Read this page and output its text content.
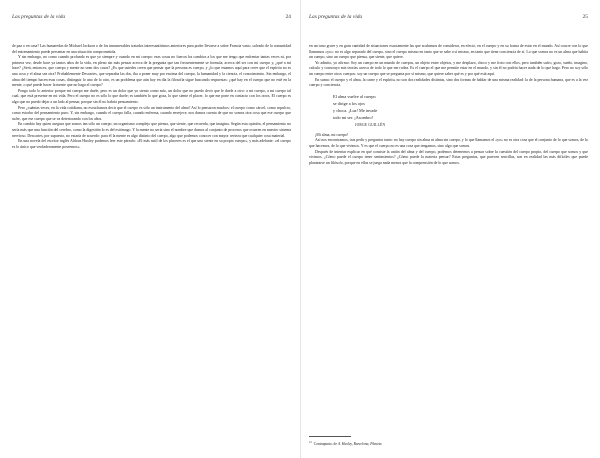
Las preguntas de la vida	24

de paz o en casa? Las humaredas de Michael Jackson o de los innumerables tratados interesantísimos anteriores para poder llevarse a sobre Francia vasto, salvado de la comunidad del entrenamiento puede presentar en una situación comprometida.

Y sin embargo, no como cuando profundo es que yo siempre y cuando en mi cuerpo: esas cosas no fueron los cambios a los que me tengo que enfrentar tantas veces ni, por primera vez, desde hace ya tantos años de la vida, en pleno sin más pensar acerca de la pregunta que tan frecuentemente se formula, acerca del ser con mi cuerpo y, ¿qué a mí hace? ¿Será, entonces, que cuerpo y mente no sean dos cosas? ¿Es que ustedes creen que pensar que la persona es cuerpo, y ¿lo que estamos aquí para creer que el espíritu no es una cosa y el alma sea otra? Probablemente Descartes, que separaba las dos, iba a poner muy por encima del cuerpo, la humanidad y la ciencia, el conocimiento. Sin embargo, el alma del tiempo hacen esas cosas, distinguir lo uno de lo otro, es un problema que aún hoy en día la filosofía sigue buscando respuestas: ¿qué hay en el cuerpo que no esté en la mente, o qué puede hacer la mente que no haga el cuerpo?

Pongo todo lo anterior porque mi cuerpo me duele, pero es un dolor que yo siento como mío, un dolor que no puedo decir que le duele a otro: a mi cuerpo, a mi cuerpo tal cual, que está presente en mi vida. Pero el cuerpo no es sólo lo que duele; es también lo que goza, lo que siente el placer, lo que me pone en contacto con los otros. El cuerpo es algo que no puedo dejar a un lado al pensar, porque sin él no habría pensamiento.

Pero ¿cuántas veces, en la vida cotidiana, no escuchamos decir que el cuerpo es sólo un instrumento del alma? Así lo pensaron muchos: el cuerpo como cárcel, como sepulcro, como estorbo del pensamiento puro. Y, sin embargo, cuando el cuerpo falla, cuando enferma, cuando envejece, nos damos cuenta de que no somos otra cosa que ese cuerpo que sufre, que ese cuerpo que se va deteriorando con los años.

En cambio hay quien asegura que somos tan sólo un cuerpo, un organismo complejo que piensa, que siente, que recuerda, que imagina. Según esta opinión, el pensamiento no sería más que una función del cerebro, como la digestión lo es del estómago. Y la mente no sería sino el nombre que damos al conjunto de procesos que ocurren en nuestro sistema nervioso. Descartes, por supuesto, no estaría de acuerdo: para él la mente es algo distinto del cuerpo, algo que podemos conocer con mayor certeza que cualquier cosa material.

En una novela del escritor inglés Aldous Huxley podemos leer este párrafo: «El más sutil de los placeres es el que uno siente en su propio cuerpo», y más adelante: «el cuerpo es lo único que verdaderamente poseemos».

Las preguntas de la vida	25

en un tono grave y en gran cantidad de situaciones exactamente las que acabamos de considerar, en efecto, en el cuerpo y en su forma de estar en el mundo. Así ocurre con lo que llamamos «yo»: no es algo separado del cuerpo, sino el cuerpo mismo en tanto que se sabe a sí mismo, en tanto que tiene conciencia de sí. Lo que somos no es un alma que habita un cuerpo, sino un cuerpo que piensa, que siente, que quiere.

Yo admito, yo afirmo: Soy un cuerpo en un mundo de cuerpos, un objeto entre objetos, y me desplazo, choco y me froto con ellos, pero también sufro, gozo, sueño, imagino, calculo y construyo mis teorías acerca de todo lo que me rodea. Es el cuerpo el que me permite estar en el mundo, y sin él no podría hacer nada de lo que hago. Pero no soy sólo un cuerpo entre otros cuerpos: soy un cuerpo que se pregunta por sí mismo, que quiere saber qué es y por qué está aquí.

En suma: el cuerpo y el alma, la carne y el espíritu, no son dos realidades distintas, sino dos formas de hablar de una misma realidad: la de la persona humana, que es a la vez cuerpo y conciencia.

El alma vuelve al cuerpo
se dirige a los ojos
y choca. ¡Luz! Me invade
todo mi ser. ¡Asombro!
JORGE GUILLÉN

¡Mi alma, mi cuerpo!

Así nos encontramos, tras pedir y preguntar tanto: no hay cuerpo sin alma ni alma sin cuerpo, y lo que llamamos el «yo» no es otra cosa que el conjunto de lo que somos, de lo que hacemos, de lo que vivimos. Y es que el cuerpo no es una cosa que tengamos, sino algo que somos.

Después de intentar explicar en qué consiste la unión del alma y del cuerpo, podemos detenernos a pensar sobre la cuestión del cuerpo propio, del cuerpo que somos y que vivimos. ¿Cómo puede el cuerpo tener sentimientos? ¿Cómo puede la materia pensar? Estas preguntas, que parecen sencillas, son en realidad las más difíciles que puede plantearse un filósofo, porque en ellas se juega nada menos que la comprensión de lo que somos.

$^{12}$ Contrapunto, de A. Huxley, Barcelona, Planeta.
